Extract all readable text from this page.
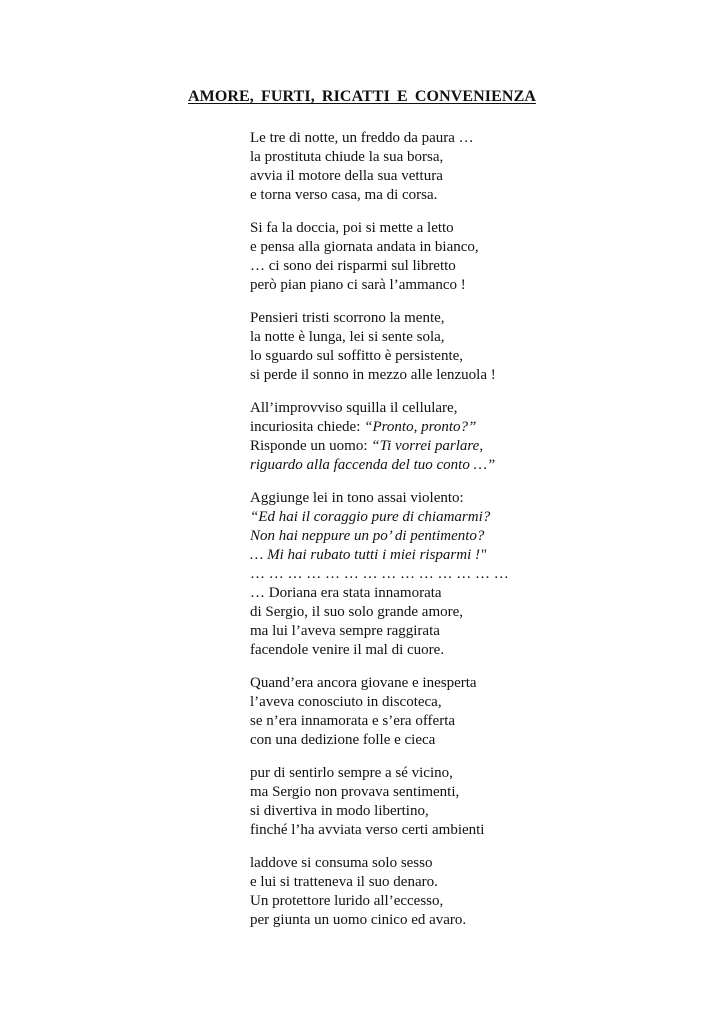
AMORE, FURTI, RICATTI E CONVENIENZA
Le tre di notte, un freddo da paura …
la prostituta chiude la sua borsa,
avvia il motore della sua vettura
e torna verso casa, ma di corsa.
Si fa la doccia, poi si mette a letto
e pensa alla giornata andata in bianco,
… ci sono dei risparmi sul libretto
però pian piano ci sarà l’ammanco !
Pensieri tristi scorrono la mente,
la notte è lunga, lei si sente sola,
lo sguardo sul soffitto è persistente,
si perde il sonno in mezzo alle lenzuola !
All’improvviso squilla il cellulare,
incuriosita chiede: “Pronto, pronto?”
Risponde un uomo: “Ti vorrei parlare,
riguardo alla faccenda del tuo conto …”
Aggiunge lei in tono assai violento:
“Ed hai il coraggio pure di chiamarmi?
Non hai neppure un po’ di pentimento?
… Mi hai rubato tutti i miei risparmi !"
… … … … … … … … … … … … … …
… Doriana era stata innamorata
di Sergio, il suo solo grande amore,
ma lui l’aveva sempre raggirata
facendole venire il mal di cuore.
Quand’era ancora giovane e inesperta
l’aveva conosciuto in discoteca,
se n’era innamorata e s’era offerta
con una dedizione folle e cieca
pur di sentirlo sempre a sé vicino,
ma Sergio non provava sentimenti,
si divertiva in modo libertino,
finché l’ha avviata verso certi ambienti
laddove si consuma solo sesso
e lui si tratteneva il suo denaro.
Un protettore lurido all’eccesso,
per giunta un uomo cinico ed avaro.
